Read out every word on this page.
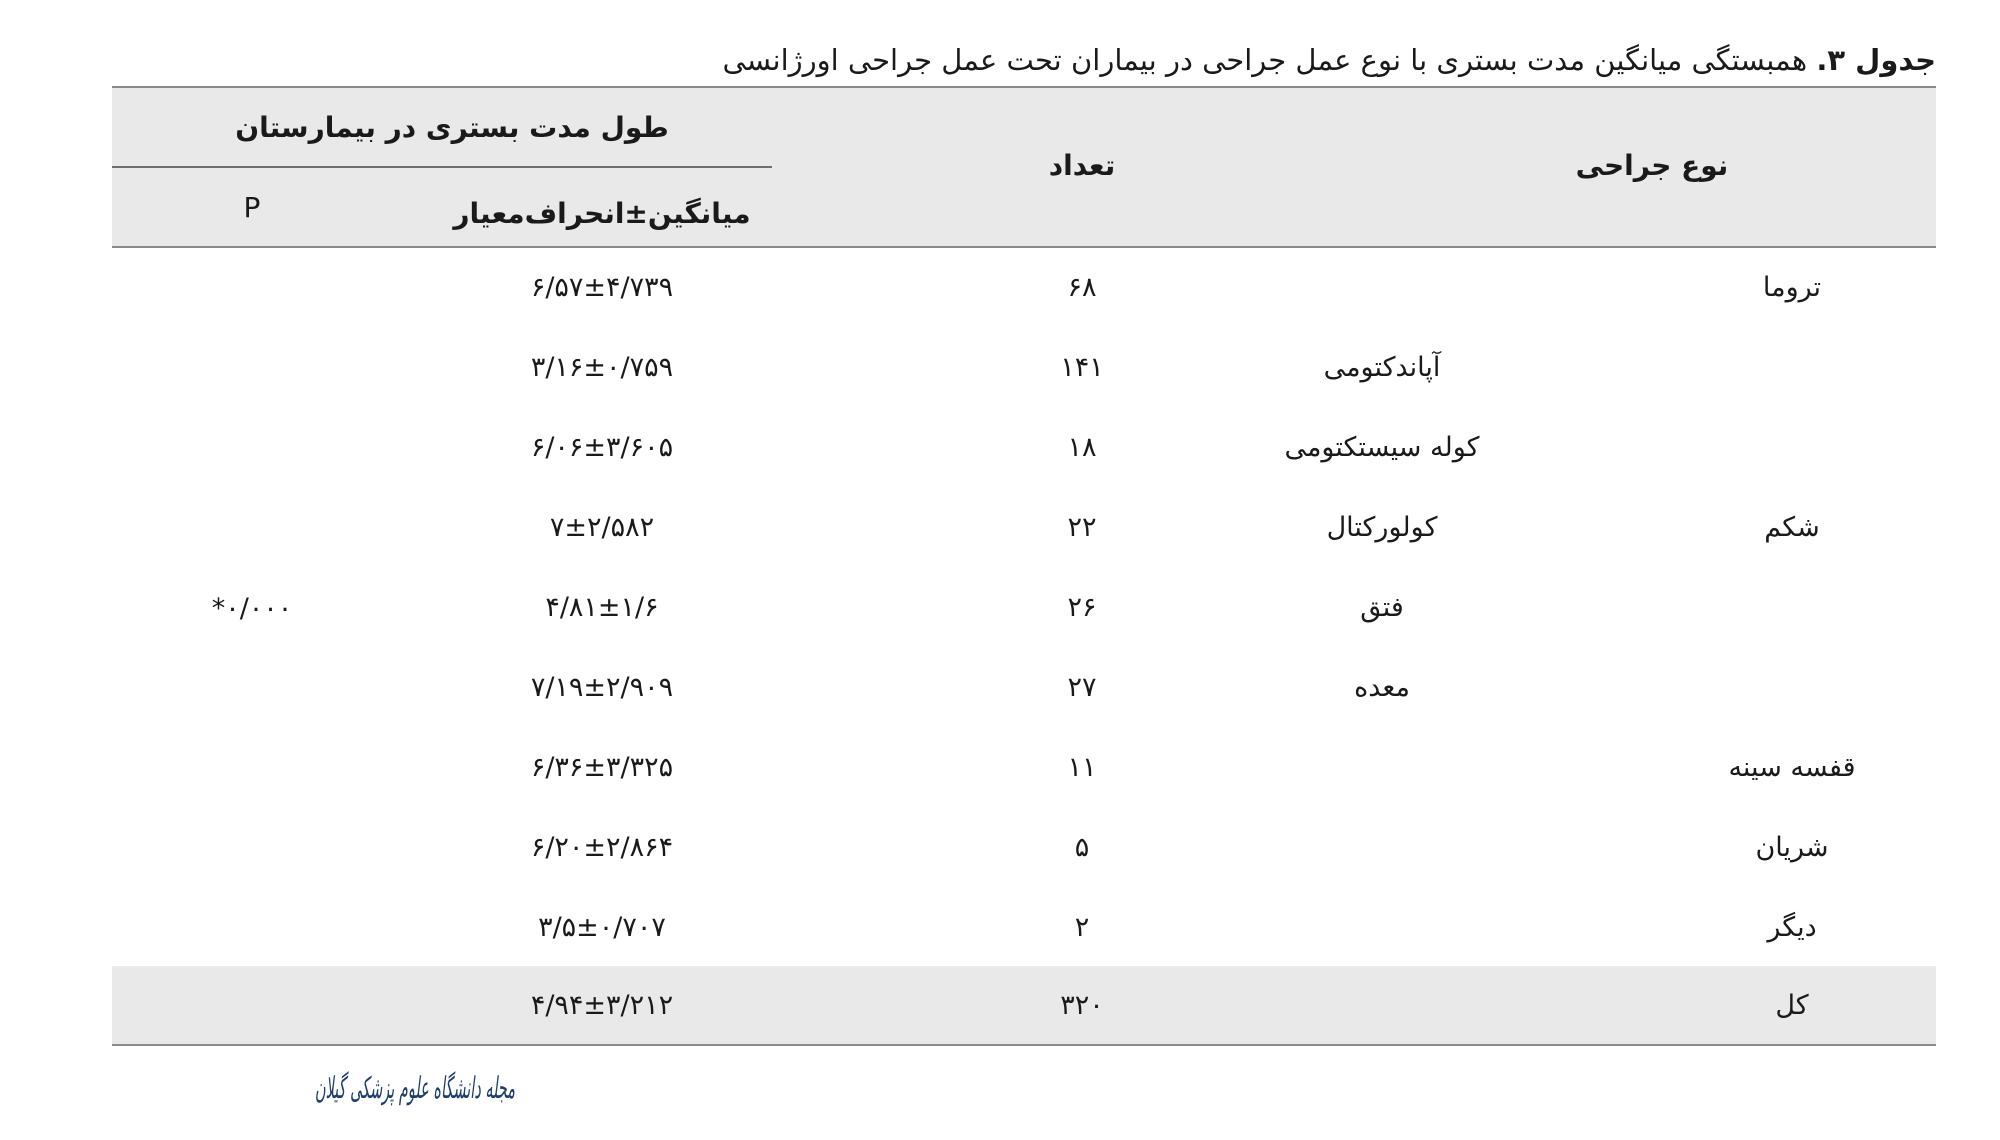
جدول ۳. همبستگی میانگین مدت بستری با نوع عمل جراحی در بیماران تحت عمل جراحی اورژانسی
نوع جراحی
تعداد
طول مدت بستری در بیمارستان
میانگین±انحراف‌معیار
P
تروما
۶۸
۶/۵۷±۴/۷۳۹
آپاندکتومی
۱۴۱
۳/۱۶±۰/۷۵۹
کوله سیستکتومی
۱۸
۶/۰۶±۳/۶۰۵
شکم
کولورکتال
۲۲
۷±۲/۵۸۲
فتق
۲۶
۴/۸۱±۱/۶
معده
۲۷
۷/۱۹±۲/۹۰۹
قفسه سینه
۱۱
۶/۳۶±۳/۳۲۵
شریان
۵
۶/۲۰±۲/۸۶۴
دیگر
۲
۳/۵±۰/۷۰۷
۰/۰۰۰*
کل
۳۲۰
۴/۹۴±۳/۲۱۲
مجله دانشگاه علوم پزشکی گیلان
